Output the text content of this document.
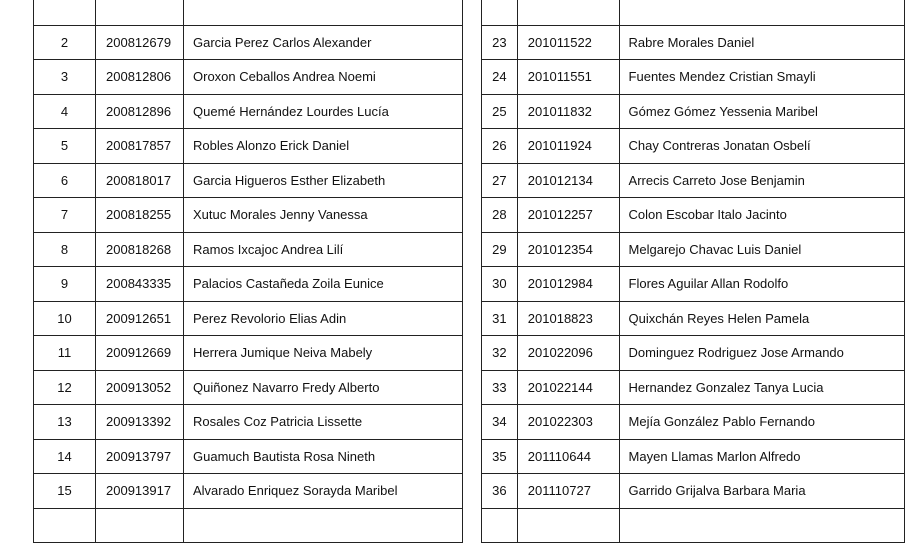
2	200812679	Garcia Perez Carlos Alexander
3	200812806	Oroxon Ceballos Andrea Noemi
4	200812896	Quemé Hernández Lourdes Lucía
5	200817857	Robles Alonzo Erick Daniel
6	200818017	Garcia Higueros Esther Elizabeth
7	200818255	Xutuc Morales Jenny Vanessa
8	200818268	Ramos Ixcajoc Andrea Lilí
9	200843335	Palacios Castañeda Zoila Eunice
10	200912651	Perez Revolorio Elias Adin
11	200912669	Herrera Jumique Neiva Mabely
12	200913052	Quiñonez Navarro Fredy Alberto
13	200913392	Rosales Coz Patricia Lissette
14	200913797	Guamuch Bautista Rosa Nineth
15	200913917	Alvarado Enriquez Sorayda Maribel

23	201011522	Rabre Morales Daniel
24	201011551	Fuentes Mendez Cristian Smayli
25	201011832	Gómez Gómez Yessenia Maribel
26	201011924	Chay Contreras Jonatan Osbelí
27	201012134	Arrecis Carreto Jose Benjamin
28	201012257	Colon Escobar Italo Jacinto
29	201012354	Melgarejo Chavac Luis Daniel
30	201012984	Flores Aguilar Allan Rodolfo
31	201018823	Quixchán Reyes Helen Pamela
32	201022096	Dominguez Rodriguez Jose Armando
33	201022144	Hernandez Gonzalez Tanya Lucia
34	201022303	Mejía González Pablo Fernando
35	201110644	Mayen Llamas Marlon Alfredo
36	201110727	Garrido Grijalva Barbara Maria
